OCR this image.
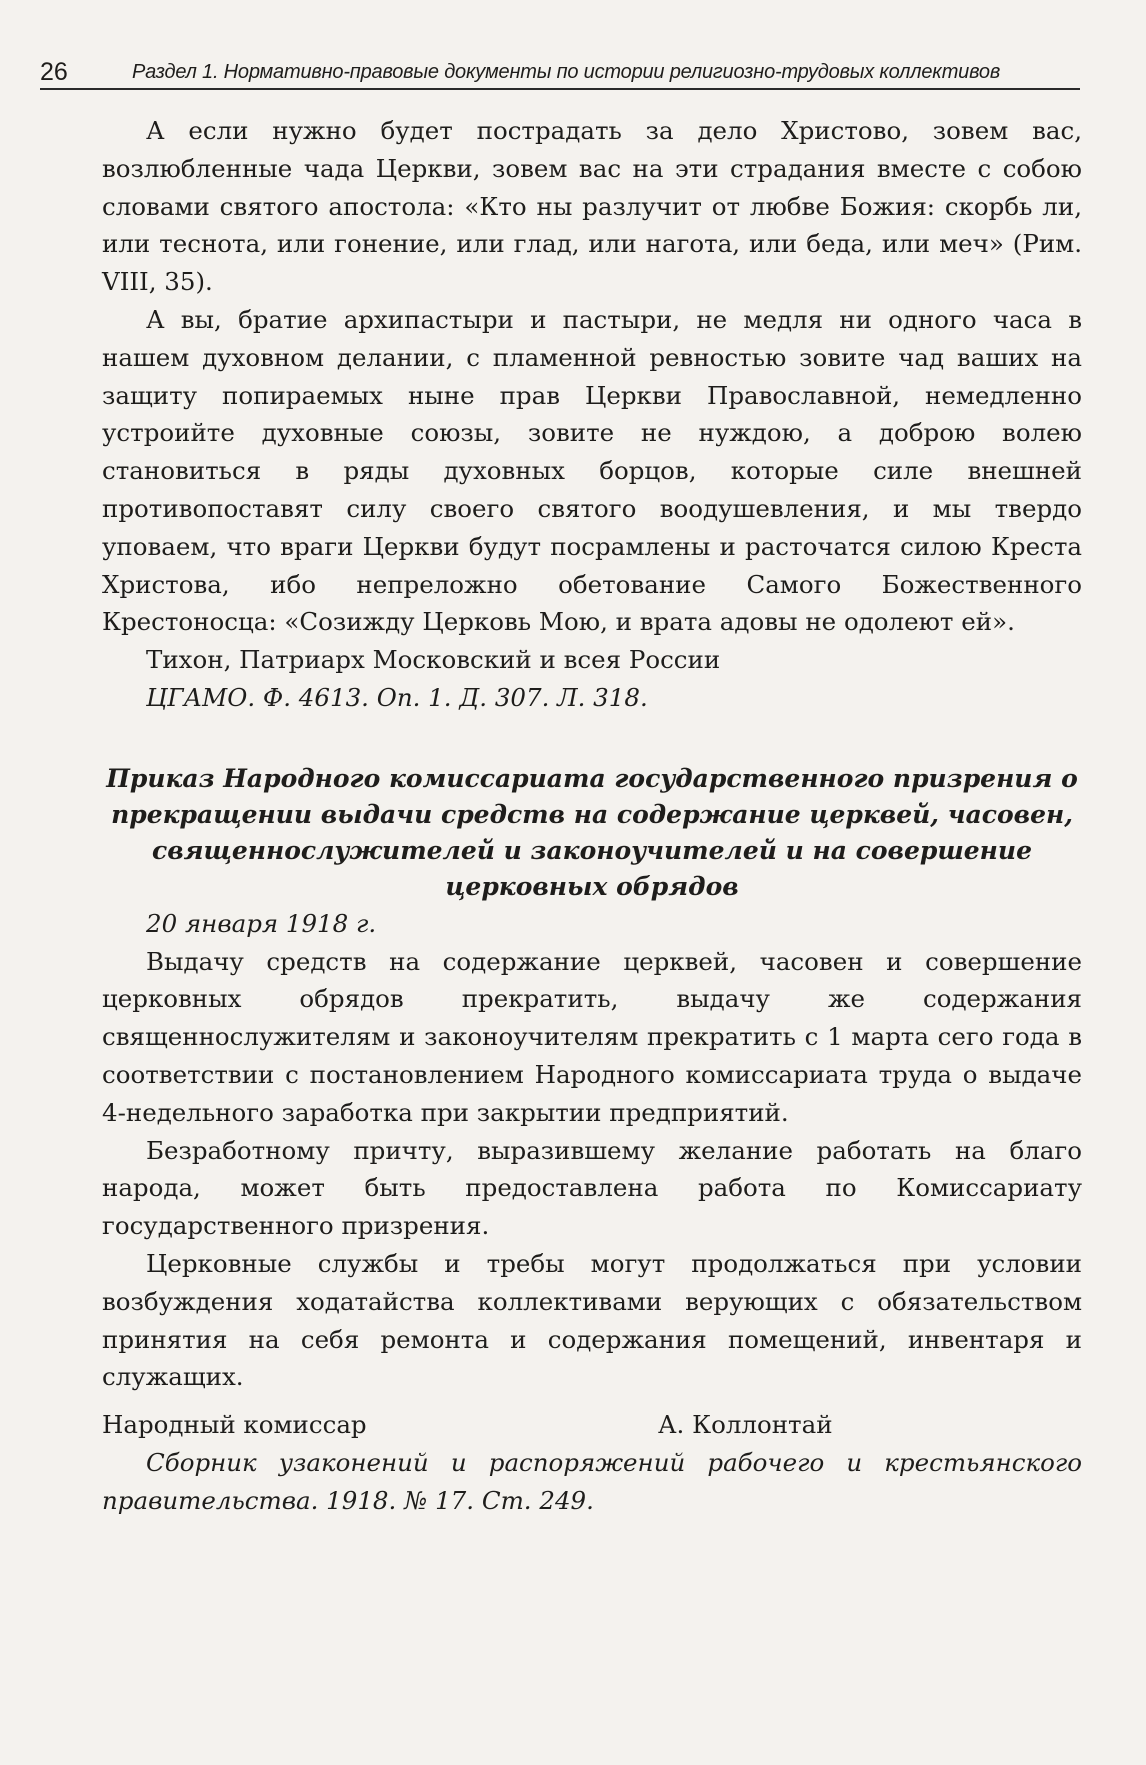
26	Раздел 1. Нормативно-правовые документы по истории религиозно-трудовых коллективов

А если нужно будет пострадать за дело Христово, зовем вас, возлюбленные чада Церкви, зовем вас на эти страдания вместе с собою словами святого апостола: «Кто ны разлучит от любве Божия: скорбь ли, или теснота, или гонение, или глад, или нагота, или беда, или меч» (Рим. VIII, 35).

А вы, братие архипастыри и пастыри, не медля ни одного часа в нашем духовном делании, с пламенной ревностью зовите чад ваших на защиту попираемых ныне прав Церкви Православной, немедленно устроийте духовные союзы, зовите не нуждою, а доброю волею становиться в ряды духовных борцов, которые силе внешней противопоставят силу своего святого воодушевления, и мы твердо уповаем, что враги Церкви будут посрамлены и расточатся силою Креста Христова, ибо непреложно обетование Самого Божественного Крестоносца: «Созижду Церковь Мою, и врата адовы не одолеют ей».

Тихон, Патриарх Московский и всея России

ЦГАМО. Ф. 4613. Оп. 1. Д. 307. Л. 318.

Приказ Народного комиссариата государственного призрения о прекращении выдачи средств на содержание церквей, часовен, священнослужителей и законоучителей и на совершение церковных обрядов

20 января 1918 г.

Выдачу средств на содержание церквей, часовен и совершение церковных обрядов прекратить, выдачу же содержания священнослужителям и законоучителям прекратить с 1 марта сего года в соответствии с постановлением Народного комиссариата труда о выдаче 4-недельного заработка при закрытии предприятий.

Безработному причту, выразившему желание работать на благо народа, может быть предоставлена работа по Комиссариату государственного призрения.

Церковные службы и требы могут продолжаться при условии возбуждения ходатайства коллективами верующих с обязательством принятия на себя ремонта и содержания помещений, инвентаря и служащих.

Народный комиссар	А. Коллонтай

Сборник узаконений и распоряжений рабочего и крестьянского правительства. 1918. № 17. Ст. 249.
